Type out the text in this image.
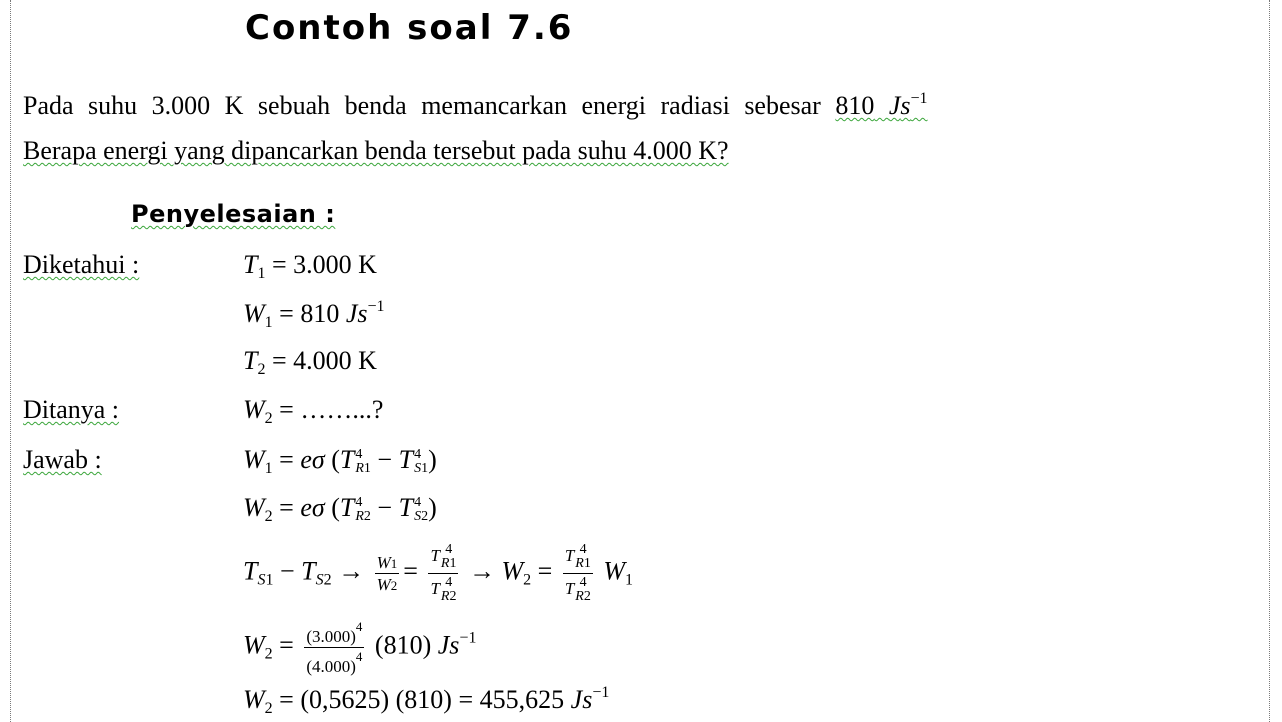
Contoh soal 7.6
Pada suhu 3.000 K sebuah benda memancarkan energi radiasi sebesar 810 $Js^{-1}$
Berapa energi yang dipancarkan benda tersebut pada suhu 4.000 K?
Penyelesaian :
Diketahui :	$T_1 = 3.000$ K
$W_1 = 810$ $Js^{-1}$
$T_2 = 4.000$ K
Ditanya :	$W_2$ = ……...?
Jawab :	$W_1 = e\sigma$ (T 4
R1 − T 4
S1 )
$W_2 = e\sigma$ (T 4
R2 − T 4
S2 )
$T_{S1} - T_{S2} \to \frac{W1}{W2} = T$ 4
R1
T 4
$R2 \to W_2 = T$ 4
R1
T 4
R2 $W_1$
$W_2 = \frac{(3.000)^4}{(4.000)^4} (810)$ $Js^{-1}$
$W_2 = (0,5625) (810) = 455,625$ $Js^{-1}$
